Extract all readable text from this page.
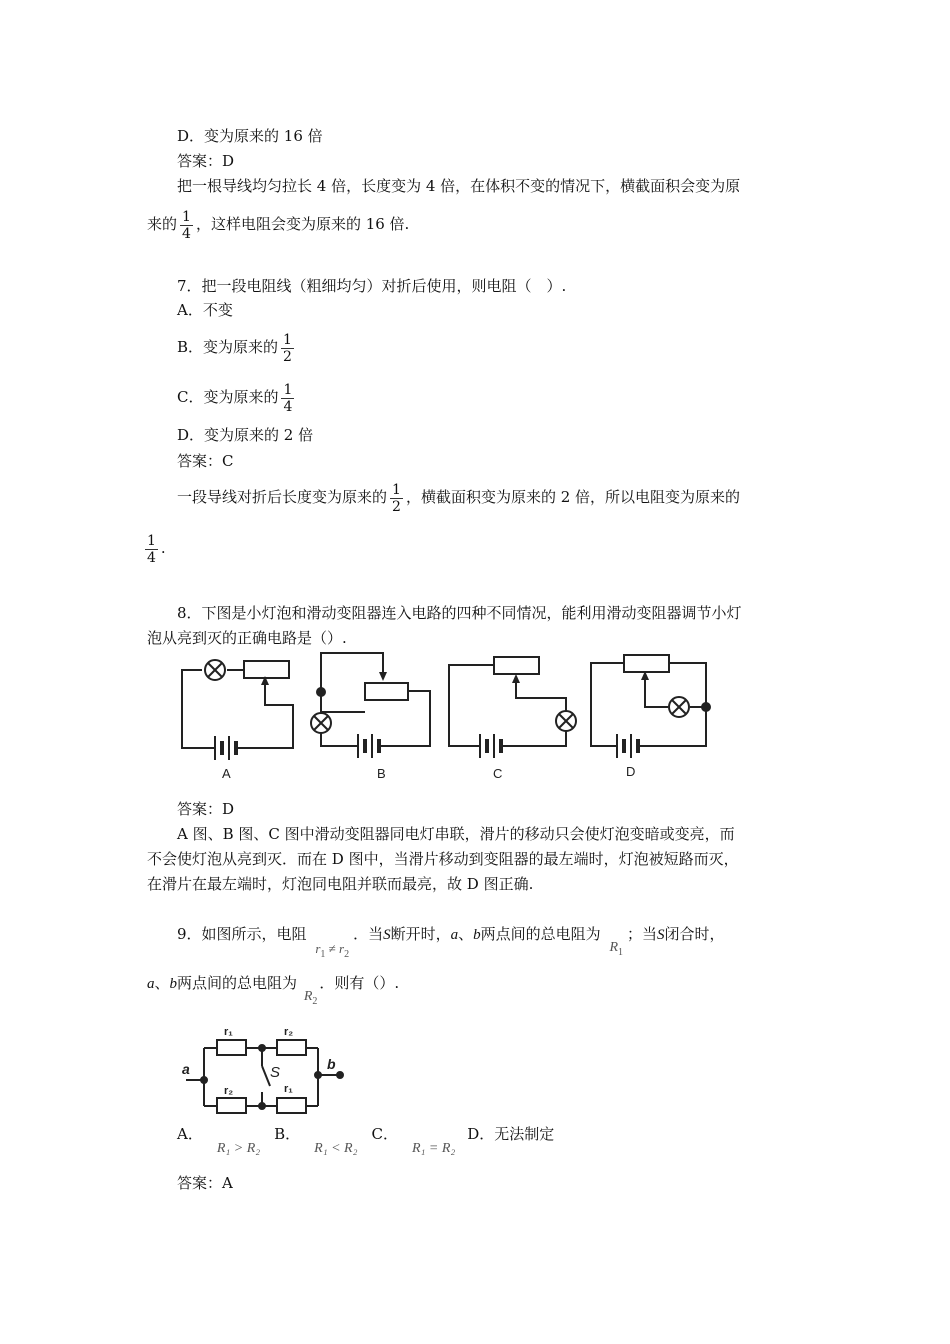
D．变为原来的 16 倍
答案：D
把一根导线均匀拉长 4 倍，长度变为 4 倍，在体积不变的情况下，横截面积会变为原
来的 $\frac{1}{4}$ ，这样电阻会变为原来的 16 倍.
7．把一段电阻线（粗细均匀）对折后使用，则电阻（　）.
A．不变
B．变为原来的 $\frac{1}{2}$
C．变为原来的 $\frac{1}{4}$
D．变为原来的 2 倍
答案：C
一段导线对折后长度变为原来的 $\frac{1}{2}$ ，横截面积变为原来的 2 倍，所以电阻变为原来的
$\frac{1}{4}$ .
8．下图是小灯泡和滑动变阻器连入电路的四种不同情况，能利用滑动变阻器调节小灯
泡从亮到灭的正确电路是（）.
A	B	C	D
答案：D
A 图、B 图、C 图中滑动变阻器同电灯串联，滑片的移动只会使灯泡变暗或变亮，而
不会使灯泡从亮到灭．而在 D 图中，当滑片移动到变阻器的最左端时，灯泡被短路而灭，
在滑片在最左端时，灯泡同电阻并联而最亮，故 D 图正确.
9．如图所示，电阻 $r_1 \ne r_2$．当S断开时，a、b两点间的总电阻为 $R_1$；当S闭合时，
a、b两点间的总电阻为 $R_2$．则有（）.
r₁	r₂
r₂	r₁
a	b
S
A．R₁ > R₂B．R₁ < R₂C．R₁ = R₂D．无法制定
答案：A
